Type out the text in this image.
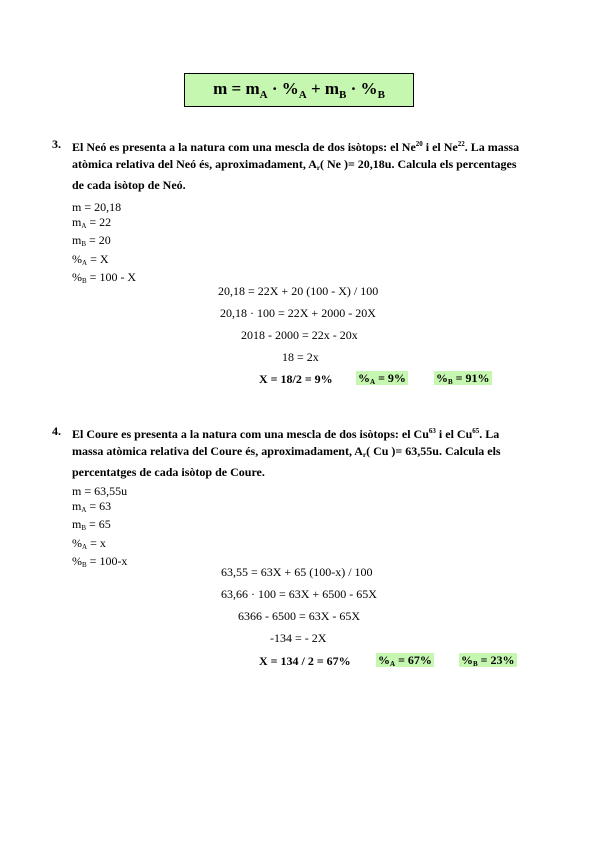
$m = m_A \cdot \%_A + m_B \cdot \%_B$
3. El Neó es presenta a la natura com una mescla de dos isòtops: el Ne$^{20}$ i el Ne$^{22}$. La massa atòmica relativa del Neó és, aproximadament, $A_r$( Ne )= 20,18u. Calcula els percentages de cada isòtop de Neó.
m = 20,18
$m_A = 22$
$m_B = 20$
$\%_A = X$
$\%_B = 100 - X$
20,18 = 22X + 20 (100 - X) / 100
20,18 · 100 = 22X + 2000 - 20X
2018 - 2000 = 22x - 20x
18 = 2x
X = 18/2 = 9% $\%_A = 9\%$	$\%_B = 91\%$
4. El Coure es presenta a la natura com una mescla de dos isòtops: el Cu$^{63}$ i el Cu$^{65}$. La massa atòmica relativa del Coure és, aproximadament, $A_r$( Cu )= 63,55u. Calcula els percentatges de cada isòtop de Coure.
m = 63,55u
$m_A = 63$
$m_B = 65$
$\%_A = x$
$\%_B = 100-x$
63,55 = 63X + 65 (100-x) / 100
63,66 · 100 = 63X + 6500 - 65X
6366 - 6500 = 63X - 65X
-134 = - 2X
X = 134 / 2 = 67% $\%_A = 67\%$ $\%_B = 23\%$
